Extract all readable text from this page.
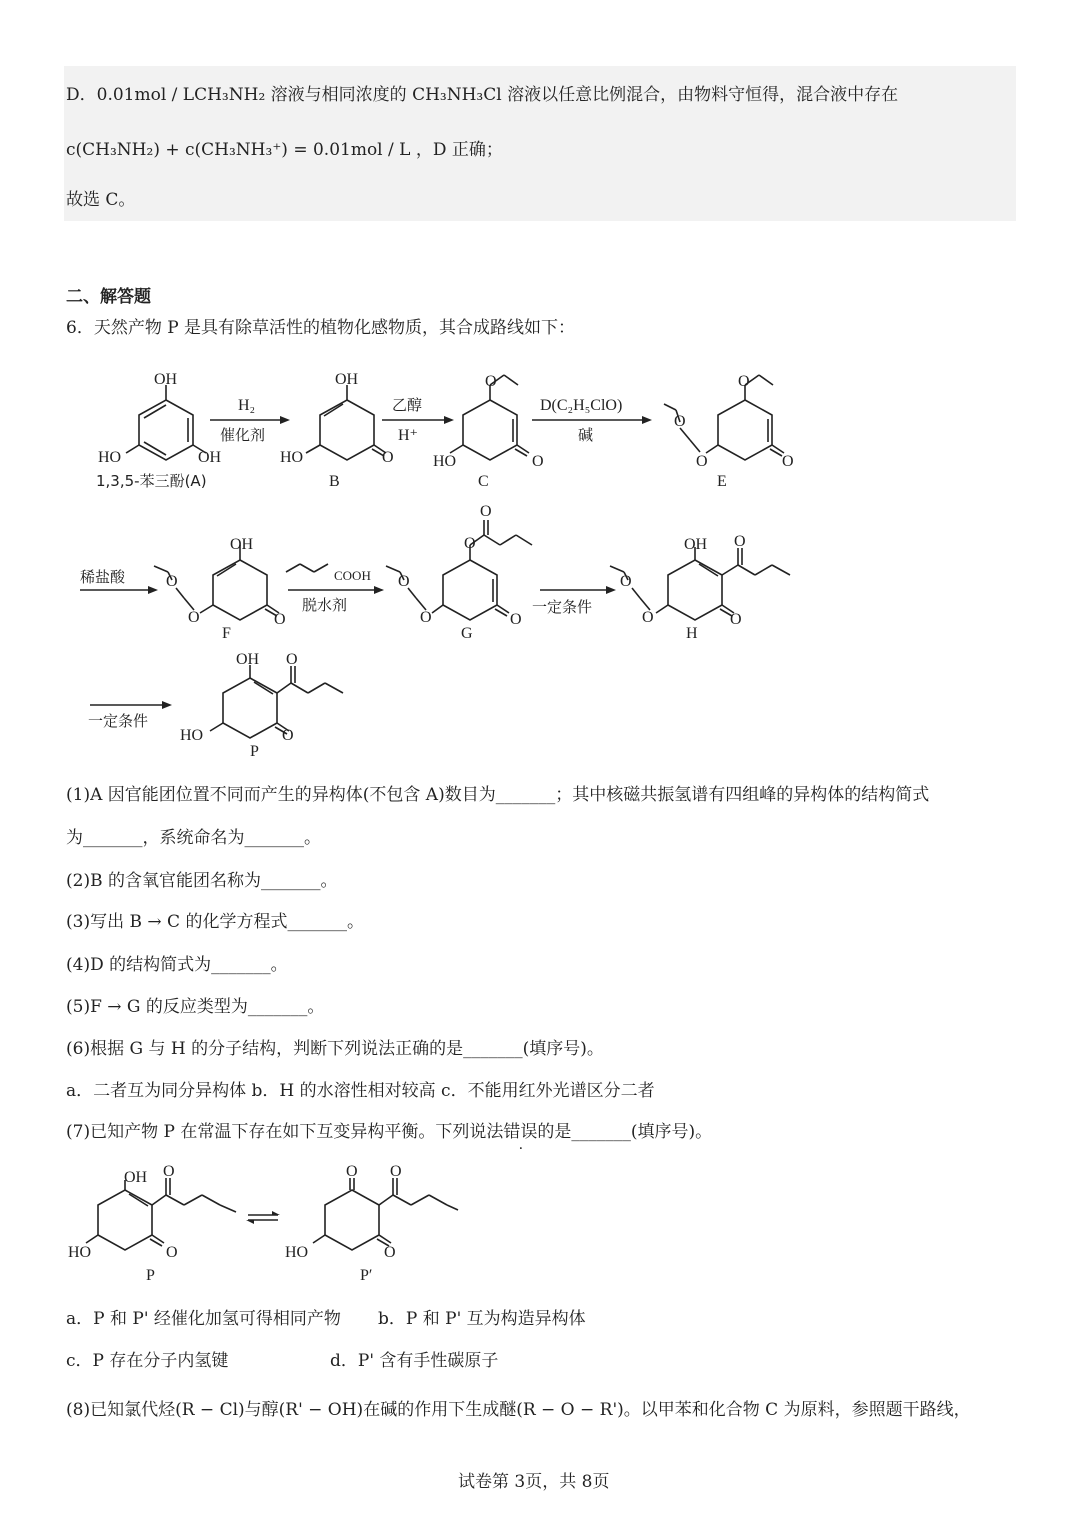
D．0.01mol / LCH₃NH₂ 溶液与相同浓度的 CH₃NH₃Cl 溶液以任意比例混合，由物料守恒得，混合液中存在
c(CH₃NH₂) + c(CH₃NH₃⁺) = 0.01mol / L ，D 正确；
故选 C。
二、解答题
6．天然产物 P 是具有除草活性的植物化感物质，其合成路线如下：
OH
HO	OH
OH
HO	O
O
HO	O
O
O
O	O
OH
O
O	O
O
O
O
O	O
OH O
O
O	O
OH O
HO	O
1,3,5-苯三酚(A)	B	C	E
F	G	H
P
H₂
催化剂
乙醇
H⁺
D(C₂H₅ClO)
碱
稀盐酸	COOH
脱水剂	一定条件
一定条件
(1)A 因官能团位置不同而产生的异构体(不包含 A)数目为_______；其中核磁共振氢谱有四组峰的异构体的结构简式
为_______，系统命名为_______。
(2)B 的含氧官能团名称为_______。
(3)写出 B → C 的化学方程式_______。
(4)D 的结构简式为_______。
(5)F → G 的反应类型为_______。
(6)根据 G 与 H 的分子结构，判断下列说法正确的是_______(填序号)。
a．二者互为同分异构体 b．H 的水溶性相对较高 c．不能用红外光谱区分二者
(7)已知产物 P 在常温下存在如下互变异构平衡。下列说法错误的是_______(填序号)。
OH O
HO	O
P
O O
HO	O
P′
a．P 和 P' 经催化加氢可得相同产物 b．P 和 P' 互为构造异构体
c．P 存在分子内氢键	d．P' 含有手性碳原子
(8)已知氯代烃(R − Cl)与醇(R' − OH)在碱的作用下生成醚(R − O − R')。以甲苯和化合物 C 为原料，参照题干路线，
试卷第 3页，共 8页
